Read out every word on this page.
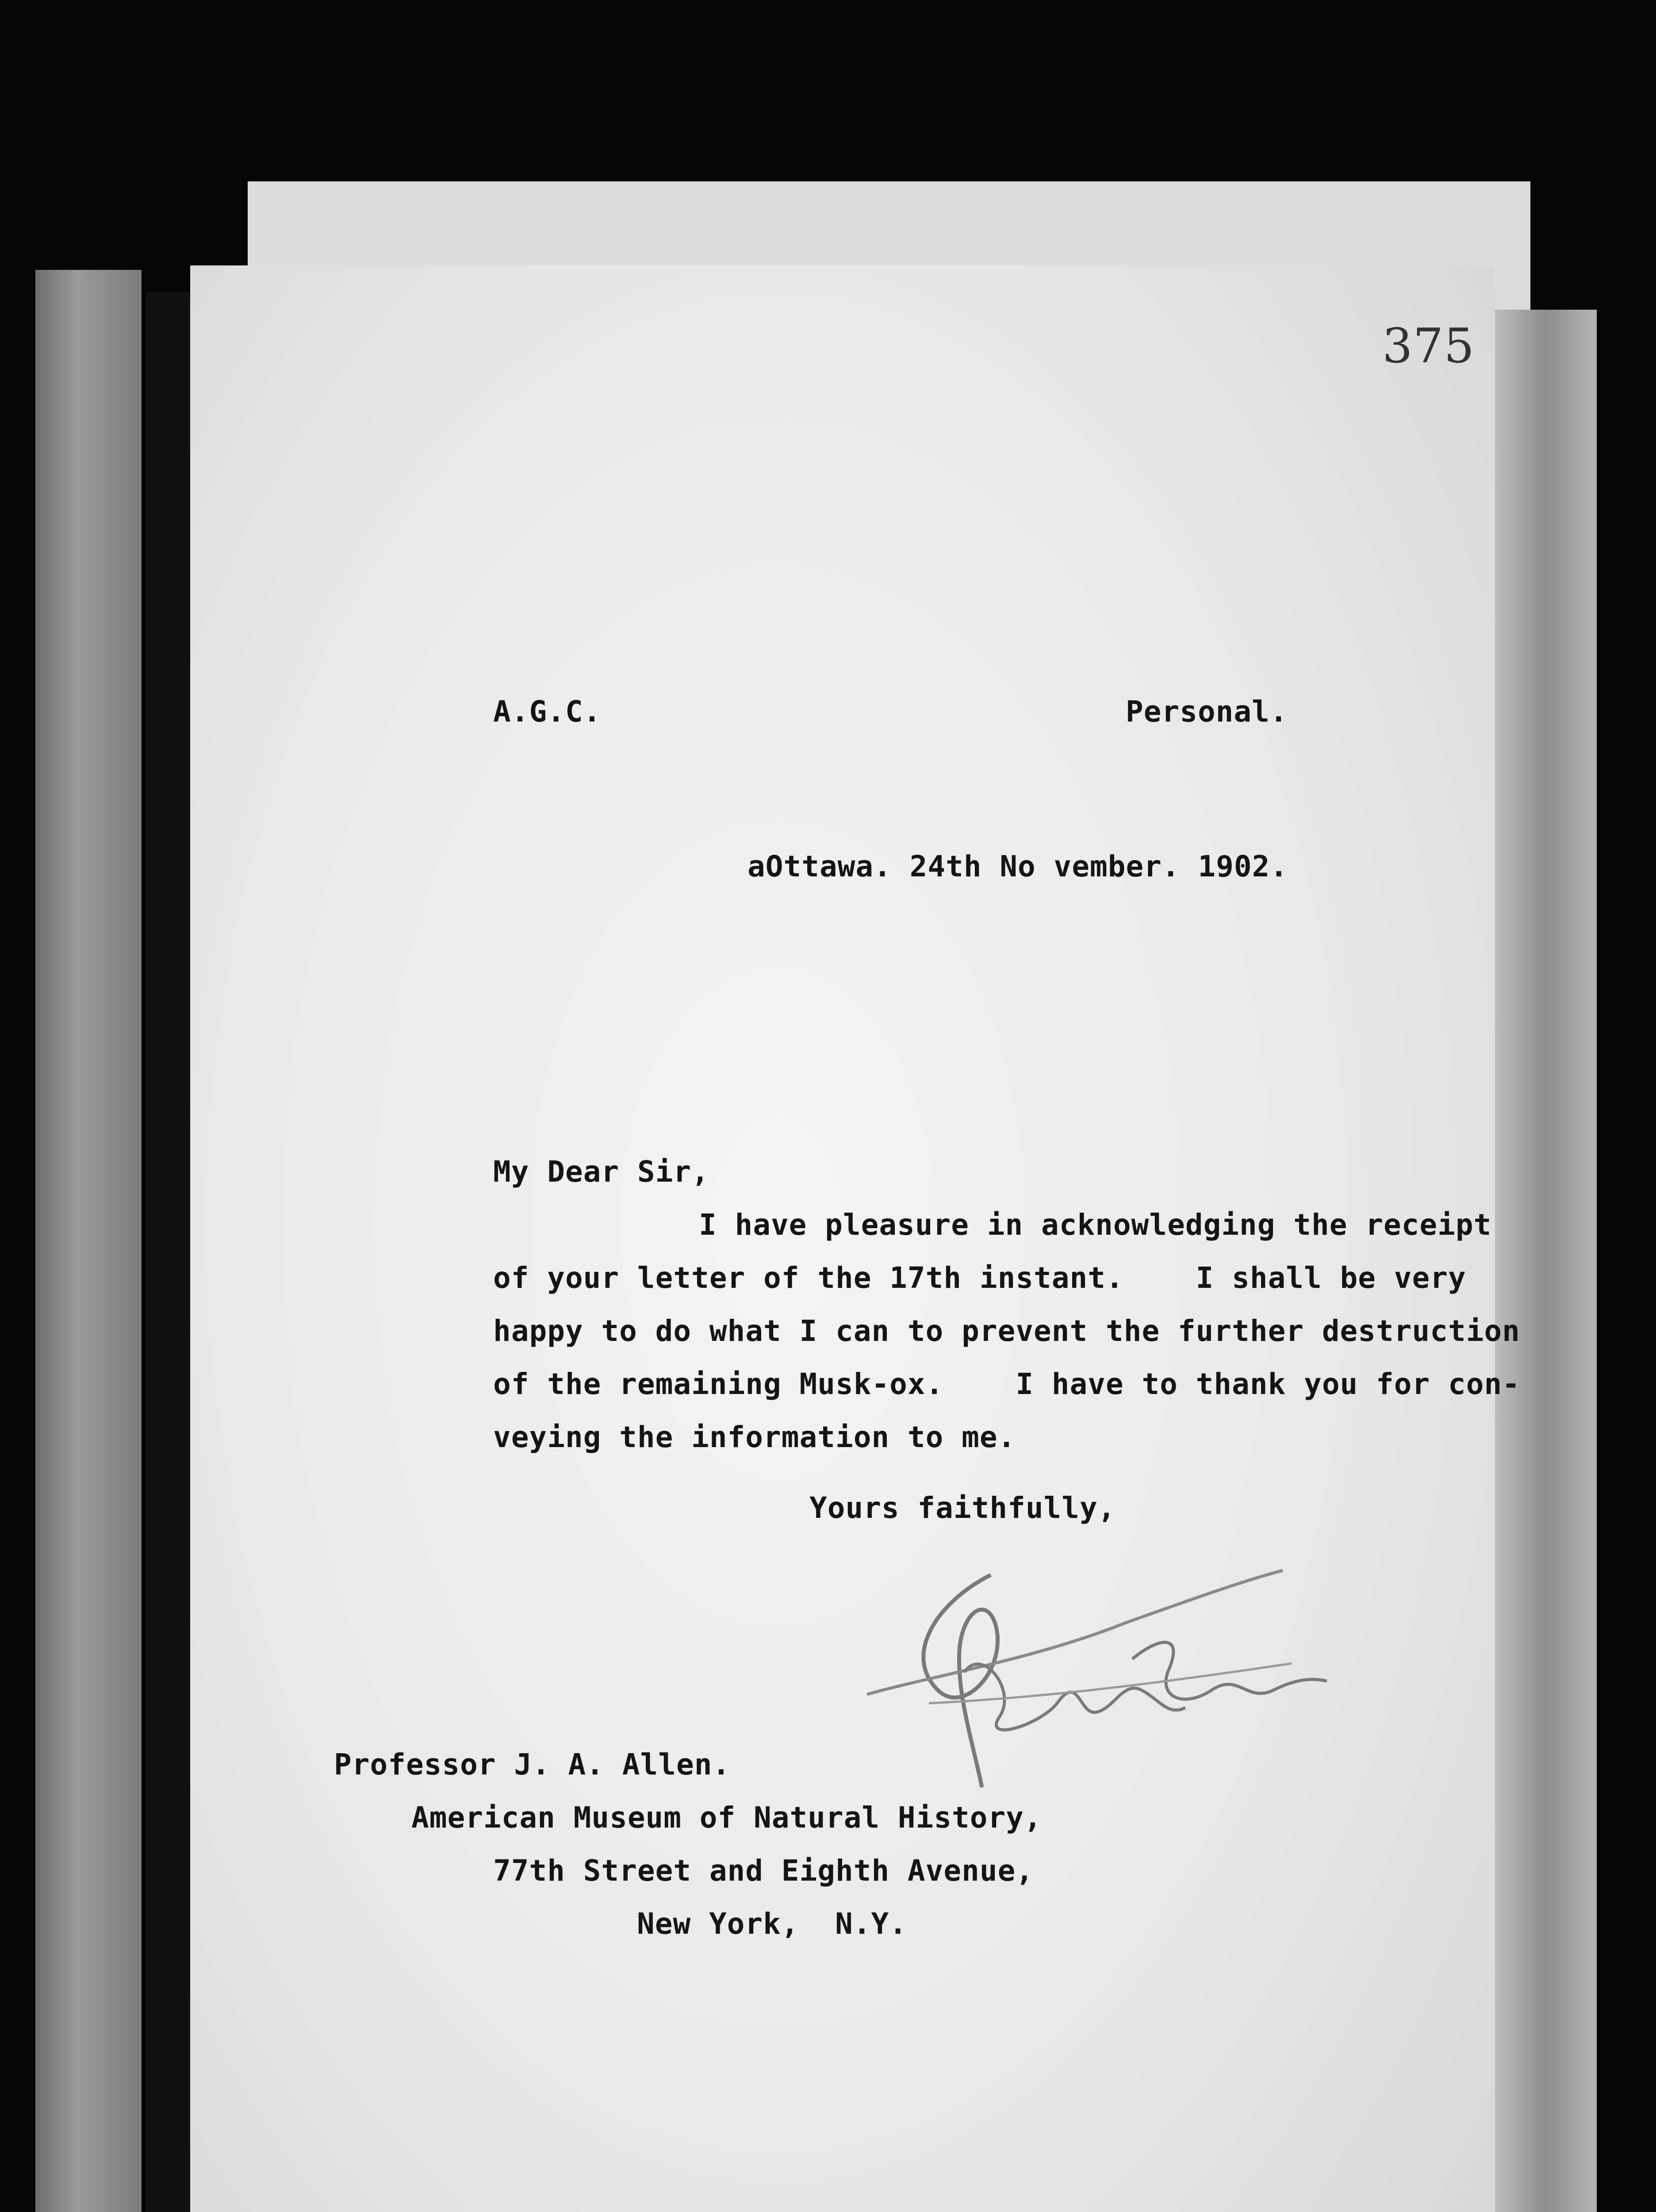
375
A.G.C.	Personal.
aOttawa. 24th No vember. 1902.
My Dear Sir,
I have pleasure in acknowledging the receipt
of your letter of the 17th instant.    I shall be very
happy to do what I can to prevent the further destruction
of the remaining Musk-ox.    I have to thank you for con-
veying the information to me.
Yours faithfully,
Professor J. A. Allen.
American Museum of Natural History,
77th Street and Eighth Avenue,
New York,  N.Y.
